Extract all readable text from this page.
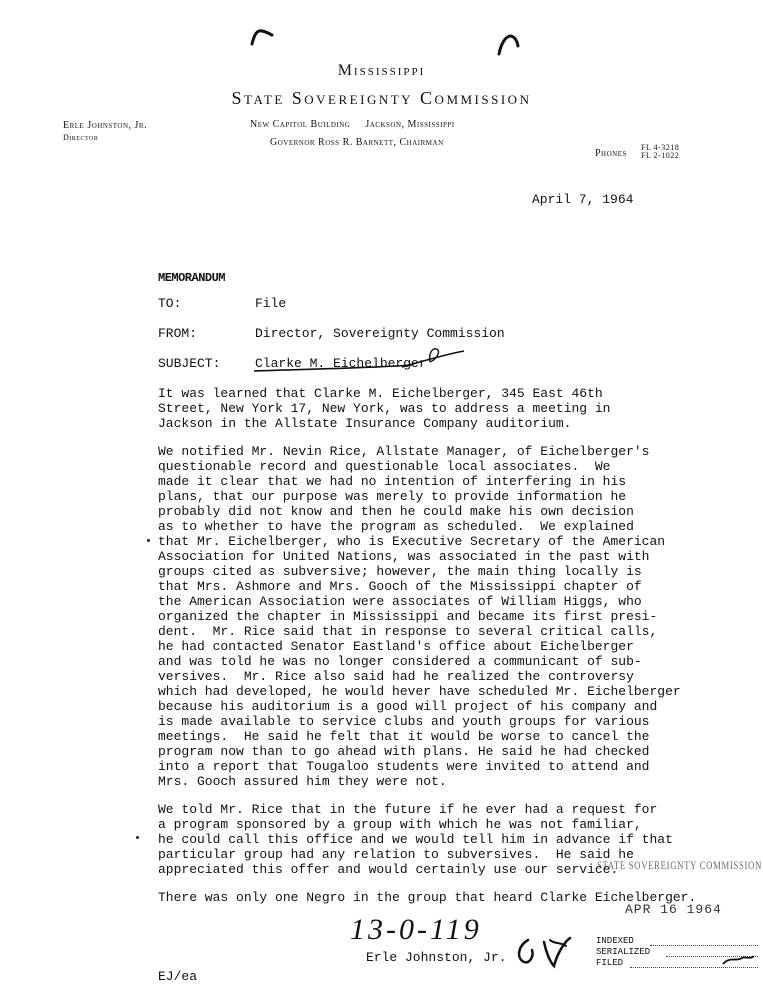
Mississippi
State Sovereignty Commission
Erle Johnston, Jr.
Director
New Capitol Building     Jackson, Mississippi
Governor Ross R. Barnett, Chairman
Phones
FL 4-3218
FL 2-1022
April 7, 1964
MEMORANDUM
TO:	File
FROM:	Director, Sovereignty Commission
SUBJECT:	Clarke M. Eichelberger
It was learned that Clarke M. Eichelberger, 345 East 46th
Street, New York 17, New York, was to address a meeting in
Jackson in the Allstate Insurance Company auditorium.
We notified Mr. Nevin Rice, Allstate Manager, of Eichelberger's
questionable record and questionable local associates.  We
made it clear that we had no intention of interfering in his
plans, that our purpose was merely to provide information he
probably did not know and then he could make his own decision
as to whether to have the program as scheduled.  We explained
that Mr. Eichelberger, who is Executive Secretary of the American
Association for United Nations, was associated in the past with
groups cited as subversive; however, the main thing locally is
that Mrs. Ashmore and Mrs. Gooch of the Mississippi chapter of
the American Association were associates of William Higgs, who
organized the chapter in Mississippi and became its first presi-
dent.  Mr. Rice said that in response to several critical calls,
he had contacted Senator Eastland's office about Eichelberger
and was told he was no longer considered a communicant of sub-
versives.  Mr. Rice also said had he realized the controversy
which had developed, he would hever have scheduled Mr. Eichelberger
because his auditorium is a good will project of his company and
is made available to service clubs and youth groups for various
meetings.  He said he felt that it would be worse to cancel the
program now than to go ahead with plans. He said he had checked
into a report that Tougaloo students were invited to attend and
Mrs. Gooch assured him they were not.
We told Mr. Rice that in the future if he ever had a request for
a program sponsored by a group with which he was not familiar,
he could call this office and we would tell him in advance if that
particular group had any relation to subversives.  He said he
appreciated this offer and would certainly use our service.
There was only one Negro in the group that heard Clarke Eichelberger.
STATE SOVEREIGNTY COMMISSION
APR 16 1964
13-0-119
Erle Johnston, Jr.
INDEXED
SERIALIZED
FILED
EJ/ea
